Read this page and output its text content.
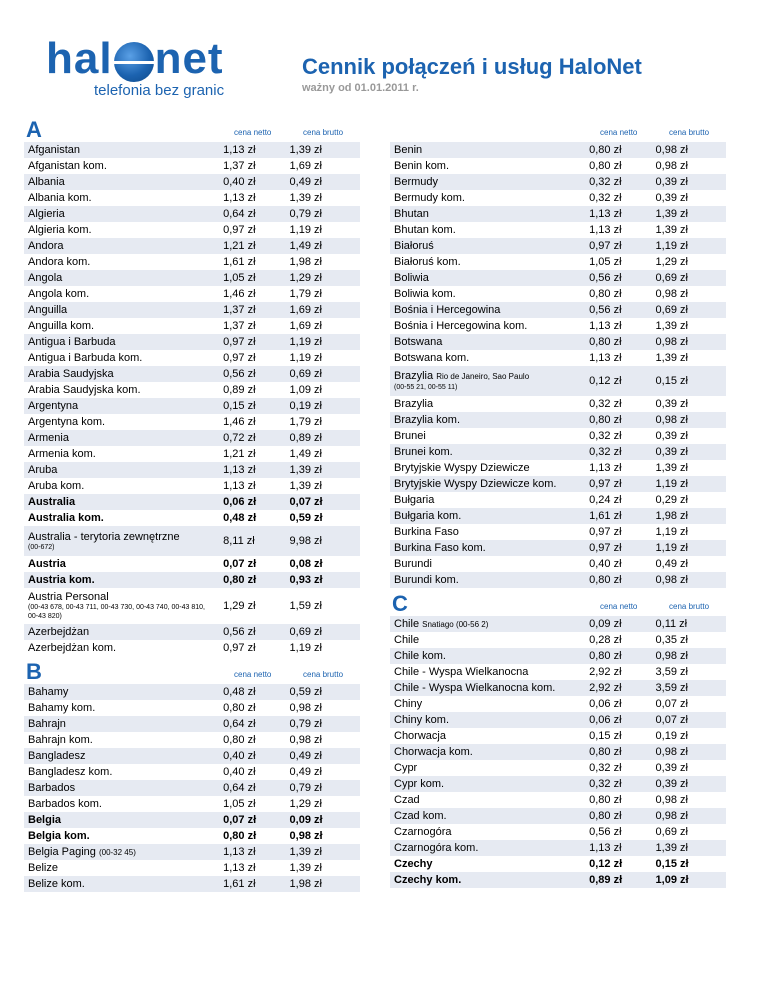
hal net
telefonia bez granic
Cennik połączeń i usług HaloNet
ważny od 01.01.2011 r.
A	cena netto	cena brutto
Afganistan	1,13 zł	1,39 zł
Afganistan kom.	1,37 zł	1,69 zł
Albania	0,40 zł	0,49 zł
Albania kom.	1,13 zł	1,39 zł
Algieria	0,64 zł	0,79 zł
Algieria kom.	0,97 zł	1,19 zł
Andora	1,21 zł	1,49 zł
Andora kom.	1,61 zł	1,98 zł
Angola	1,05 zł	1,29 zł
Angola kom.	1,46 zł	1,79 zł
Anguilla	1,37 zł	1,69 zł
Anguilla kom.	1,37 zł	1,69 zł
Antigua i Barbuda	0,97 zł	1,19 zł
Antigua i Barbuda kom.	0,97 zł	1,19 zł
Arabia Saudyjska	0,56 zł	0,69 zł
Arabia Saudyjska kom.	0,89 zł	1,09 zł
Argentyna	0,15 zł	0,19 zł
Argentyna kom.	1,46 zł	1,79 zł
Armenia	0,72 zł	0,89 zł
Armenia kom.	1,21 zł	1,49 zł
Aruba	1,13 zł	1,39 zł
Aruba kom.	1,13 zł	1,39 zł
Australia	0,06 zł	0,07 zł
Australia kom.	0,48 zł	0,59 zł
Australia - terytoria zewnętrzne
(00-672)	8,11 zł	9,98 zł
Austria	0,07 zł	0,08 zł
Austria kom.	0,80 zł	0,93 zł
Austria Personal
(00-43 678, 00-43 711, 00-43 730, 00-43 740, 00-43 810, 00-43 820)	1,29 zł	1,59 zł
Azerbejdżan	0,56 zł	0,69 zł
Azerbejdżan kom.	0,97 zł	1,19 zł
B	cena netto	cena brutto
Bahamy	0,48 zł	0,59 zł
Bahamy kom.	0,80 zł	0,98 zł
Bahrajn	0,64 zł	0,79 zł
Bahrajn kom.	0,80 zł	0,98 zł
Bangladesz	0,40 zł	0,49 zł
Bangladesz kom.	0,40 zł	0,49 zł
Barbados	0,64 zł	0,79 zł
Barbados kom.	1,05 zł	1,29 zł
Belgia	0,07 zł	0,09 zł
Belgia kom.	0,80 zł	0,98 zł
Belgia Paging (00-32 45)	1,13 zł	1,39 zł
Belize	1,13 zł	1,39 zł
Belize kom.	1,61 zł	1,98 zł
cena netto	cena brutto
Benin	0,80 zł	0,98 zł
Benin kom.	0,80 zł	0,98 zł
Bermudy	0,32 zł	0,39 zł
Bermudy kom.	0,32 zł	0,39 zł
Bhutan	1,13 zł	1,39 zł
Bhutan kom.	1,13 zł	1,39 zł
Białoruś	0,97 zł	1,19 zł
Białoruś kom.	1,05 zł	1,29 zł
Boliwia	0,56 zł	0,69 zł
Boliwia kom.	0,80 zł	0,98 zł
Bośnia i Hercegowina	0,56 zł	0,69 zł
Bośnia i Hercegowina kom.	1,13 zł	1,39 zł
Botswana	0,80 zł	0,98 zł
Botswana kom.	1,13 zł	1,39 zł
Brazylia Rio de Janeiro, Sao Paulo
(00-55 21, 00-55 11)	0,12 zł	0,15 zł
Brazylia	0,32 zł	0,39 zł
Brazylia kom.	0,80 zł	0,98 zł
Brunei	0,32 zł	0,39 zł
Brunei kom.	0,32 zł	0,39 zł
Brytyjskie Wyspy Dziewicze	1,13 zł	1,39 zł
Brytyjskie Wyspy Dziewicze kom.	0,97 zł	1,19 zł
Bułgaria	0,24 zł	0,29 zł
Bułgaria kom.	1,61 zł	1,98 zł
Burkina Faso	0,97 zł	1,19 zł
Burkina Faso kom.	0,97 zł	1,19 zł
Burundi	0,40 zł	0,49 zł
Burundi kom.	0,80 zł	0,98 zł
C	cena netto	cena brutto
Chile Snatiago (00-56 2)	0,09 zł	0,11 zł
Chile	0,28 zł	0,35 zł
Chile kom.	0,80 zł	0,98 zł
Chile - Wyspa Wielkanocna	2,92 zł	3,59 zł
Chile - Wyspa Wielkanocna kom.	2,92 zł	3,59 zł
Chiny	0,06 zł	0,07 zł
Chiny kom.	0,06 zł	0,07 zł
Chorwacja	0,15 zł	0,19 zł
Chorwacja kom.	0,80 zł	0,98 zł
Cypr	0,32 zł	0,39 zł
Cypr kom.	0,32 zł	0,39 zł
Czad	0,80 zł	0,98 zł
Czad kom.	0,80 zł	0,98 zł
Czarnogóra	0,56 zł	0,69 zł
Czarnogóra kom.	1,13 zł	1,39 zł
Czechy	0,12 zł	0,15 zł
Czechy kom.	0,89 zł	1,09 zł
